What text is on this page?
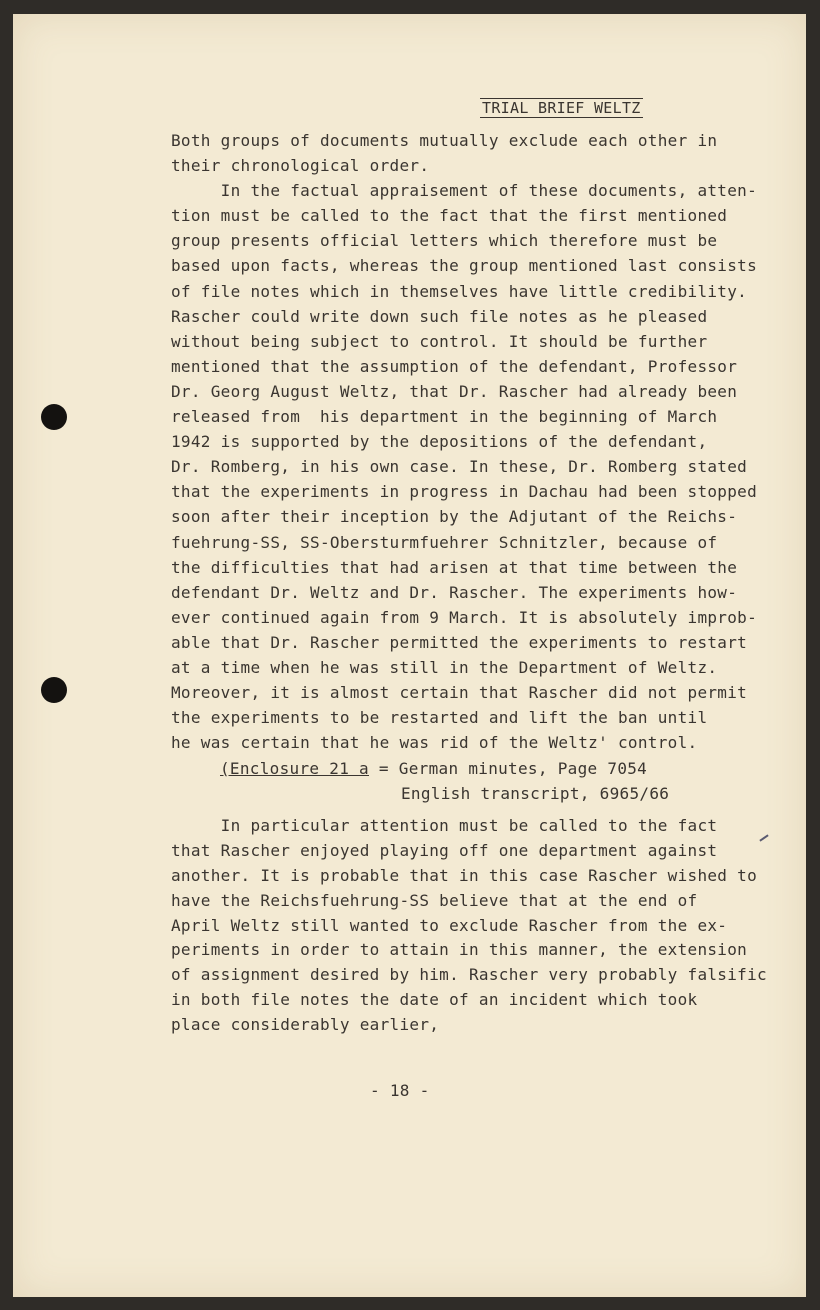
TRIAL BRIEF WELTZ
Both groups of documents mutually exclude each other in
their chronological order.
In the factual appraisement of these documents, atten-
tion must be called to the fact that the first mentioned
group presents official letters which therefore must be
based upon facts, whereas the group mentioned last consists
of file notes which in themselves have little credibility.
Rascher could write down such file notes as he pleased
without being subject to control. It should be further
mentioned that the assumption of the defendant, Professor
Dr. Georg August Weltz, that Dr. Rascher had already been
released from  his department in the beginning of March
1942 is supported by the depositions of the defendant,
Dr. Romberg, in his own case. In these, Dr. Romberg stated
that the experiments in progress in Dachau had been stopped
soon after their inception by the Adjutant of the Reichs-
fuehrung-SS, SS-Obersturmfuehrer Schnitzler, because of
the difficulties that had arisen at that time between the
defendant Dr. Weltz and Dr. Rascher. The experiments how-
ever continued again from 9 March. It is absolutely improb-
able that Dr. Rascher permitted the experiments to restart
at a time when he was still in the Department of Weltz.
Moreover, it is almost certain that Rascher did not permit
the experiments to be restarted and lift the ban until
he was certain that he was rid of the Weltz' control.
(Enclosure 21 a = German minutes, Page 7054
English transcript, 6965/66
In particular attention must be called to the fact
that Rascher enjoyed playing off one department against
another. It is probable that in this case Rascher wished to
have the Reichsfuehrung-SS believe that at the end of
April Weltz still wanted to exclude Rascher from the ex-
periments in order to attain in this manner, the extension
of assignment desired by him. Rascher very probably falsific
in both file notes the date of an incident which took
place considerably earlier,
- 18 -
